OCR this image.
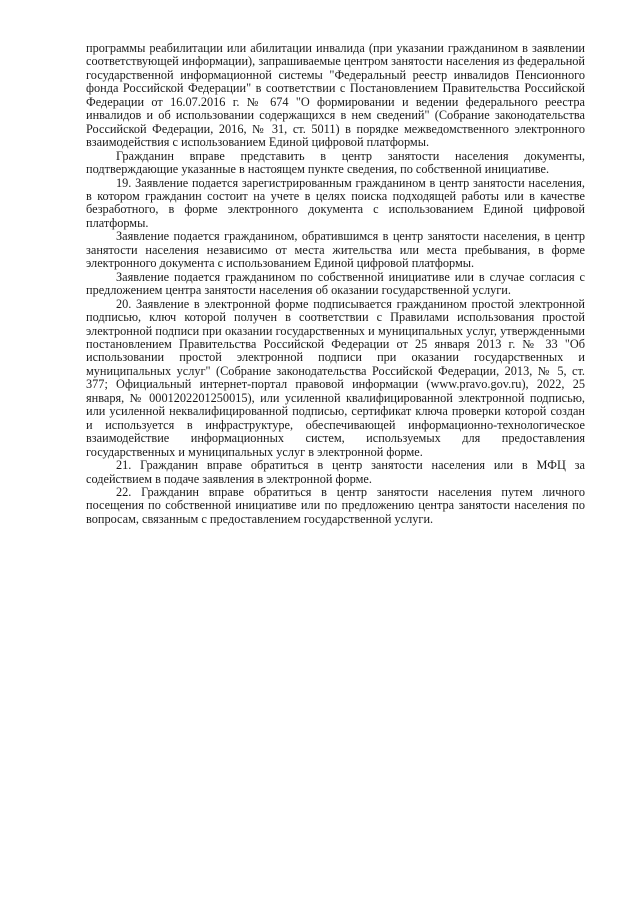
программы реабилитации или абилитации инвалида (при указании гражданином в заявлении соответствующей информации), запрашиваемые центром занятости населения из федеральной государственной информационной системы "Федеральный реестр инвалидов Пенсионного фонда Российской Федерации" в соответствии с Постановлением Правительства Российской Федерации от 16.07.2016 г. № 674 "О формировании и ведении федерального реестра инвалидов и об использовании содержащихся в нем сведений" (Собрание законодательства Российской Федерации, 2016, № 31, ст. 5011) в порядке межведомственного электронного взаимодействия с использованием Единой цифровой платформы.

Гражданин вправе представить в центр занятости населения документы, подтверждающие указанные в настоящем пункте сведения, по собственной инициативе.

19. Заявление подается зарегистрированным гражданином в центр занятости населения, в котором гражданин состоит на учете в целях поиска подходящей работы или в качестве безработного, в форме электронного документа с использованием Единой цифровой платформы.

Заявление подается гражданином, обратившимся в центр занятости населения, в центр занятости населения независимо от места жительства или места пребывания, в форме электронного документа с использованием Единой цифровой платформы.

Заявление подается гражданином по собственной инициативе или в случае согласия с предложением центра занятости населения об оказании государственной услуги.

20. Заявление в электронной форме подписывается гражданином простой электронной подписью, ключ которой получен в соответствии с Правилами использования простой электронной подписи при оказании государственных и муниципальных услуг, утвержденными постановлением Правительства Российской Федерации от 25 января 2013 г. № 33 "Об использовании простой электронной подписи при оказании государственных и муниципальных услуг" (Собрание законодательства Российской Федерации, 2013, № 5, ст. 377; Официальный интернет-портал правовой информации (www.pravo.gov.ru), 2022, 25 января, № 0001202201250015), или усиленной квалифицированной электронной подписью, или усиленной неквалифицированной подписью, сертификат ключа проверки которой создан и используется в инфраструктуре, обеспечивающей информационно-технологическое взаимодействие информационных систем, используемых для предоставления государственных и муниципальных услуг в электронной форме.

21. Гражданин вправе обратиться в центр занятости населения или в МФЦ за содействием в подаче заявления в электронной форме.

22. Гражданин вправе обратиться в центр занятости населения путем личного посещения по собственной инициативе или по предложению центра занятости населения по вопросам, связанным с предоставлением государственной услуги.
